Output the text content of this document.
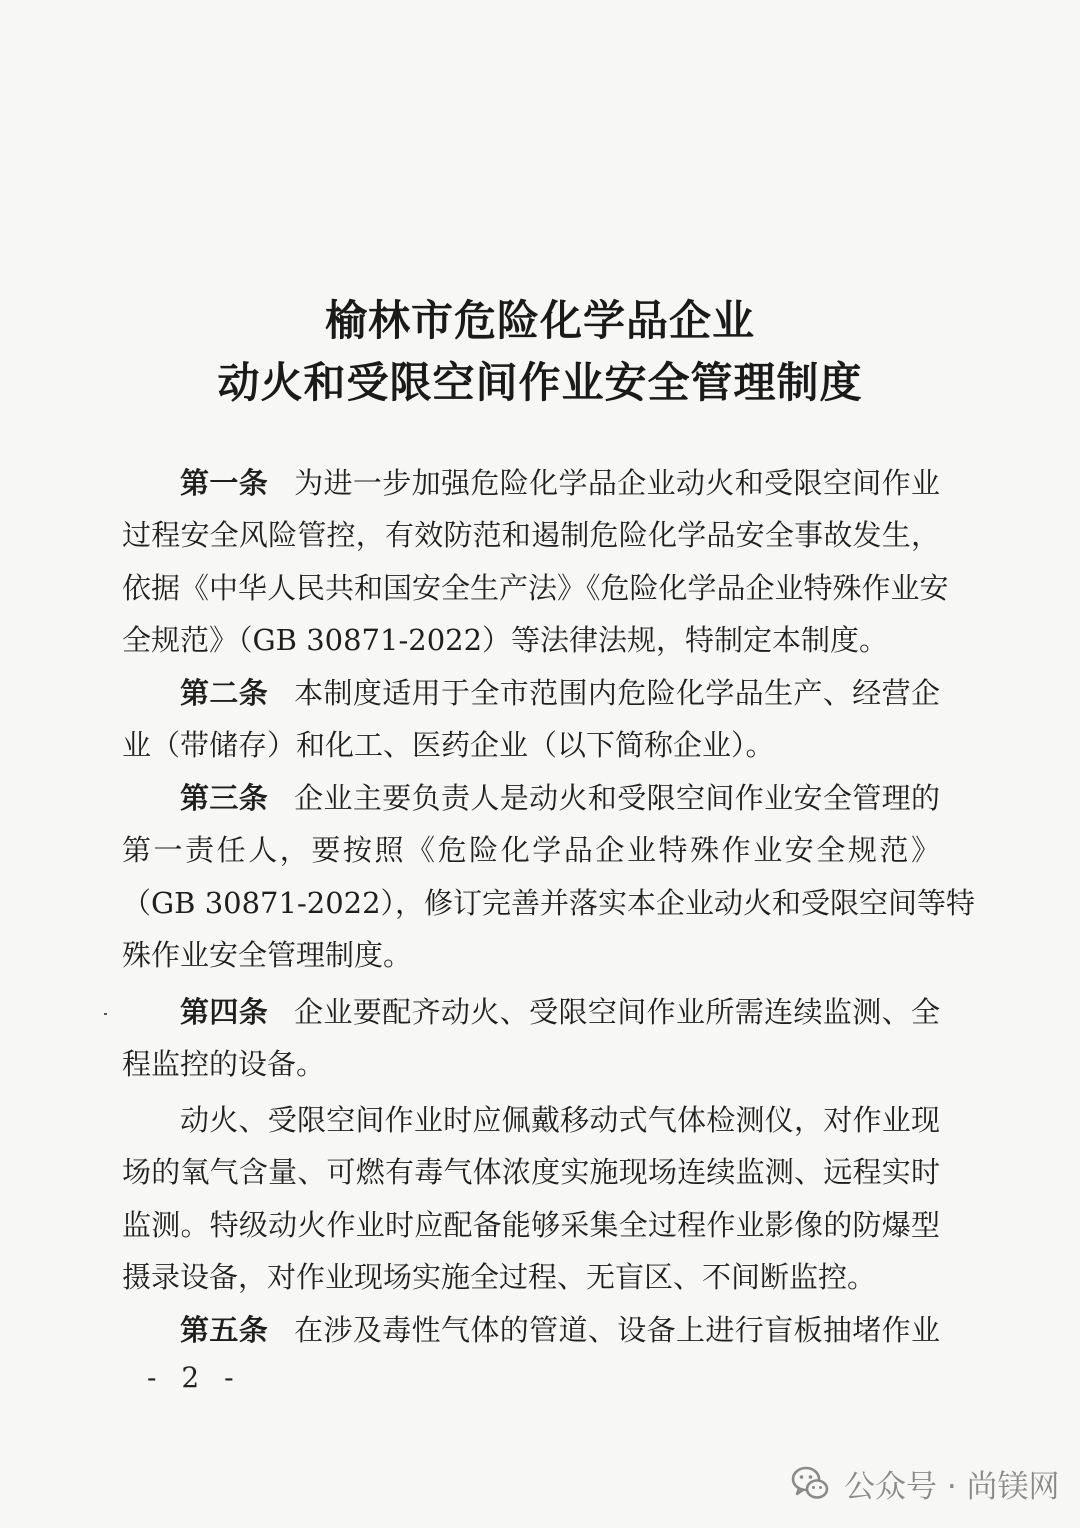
榆林市危险化学品企业
动火和受限空间作业安全管理制度
第一条 为进一步加强危险化学品企业动火和受限空间作业
过程安全风险管控，有效防范和遏制危险化学品安全事故发生，
依据《中华人民共和国安全生产法》《危险化学品企业特殊作业安
全规范》（GB 30871-2022）等法律法规，特制定本制度。
第二条 本制度适用于全市范围内危险化学品生产、经营企
业（带储存）和化工、医药企业（以下简称企业）。
第三条 企业主要负责人是动火和受限空间作业安全管理的
第一责任人，要按照《危险化学品企业特殊作业安全规范》
（GB 30871-2022），修订完善并落实本企业动火和受限空间等特
殊作业安全管理制度。
第四条 企业要配齐动火、受限空间作业所需连续监测、全
程监控的设备。
动火、受限空间作业时应佩戴移动式气体检测仪，对作业现
场的氧气含量、可燃有毒气体浓度实施现场连续监测、远程实时
监测。特级动火作业时应配备能够采集全过程作业影像的防爆型
摄录设备，对作业现场实施全过程、无盲区、不间断监控。
第五条 在涉及毒性气体的管道、设备上进行盲板抽堵作业
- 2 -
公众号 · 尚镁网
